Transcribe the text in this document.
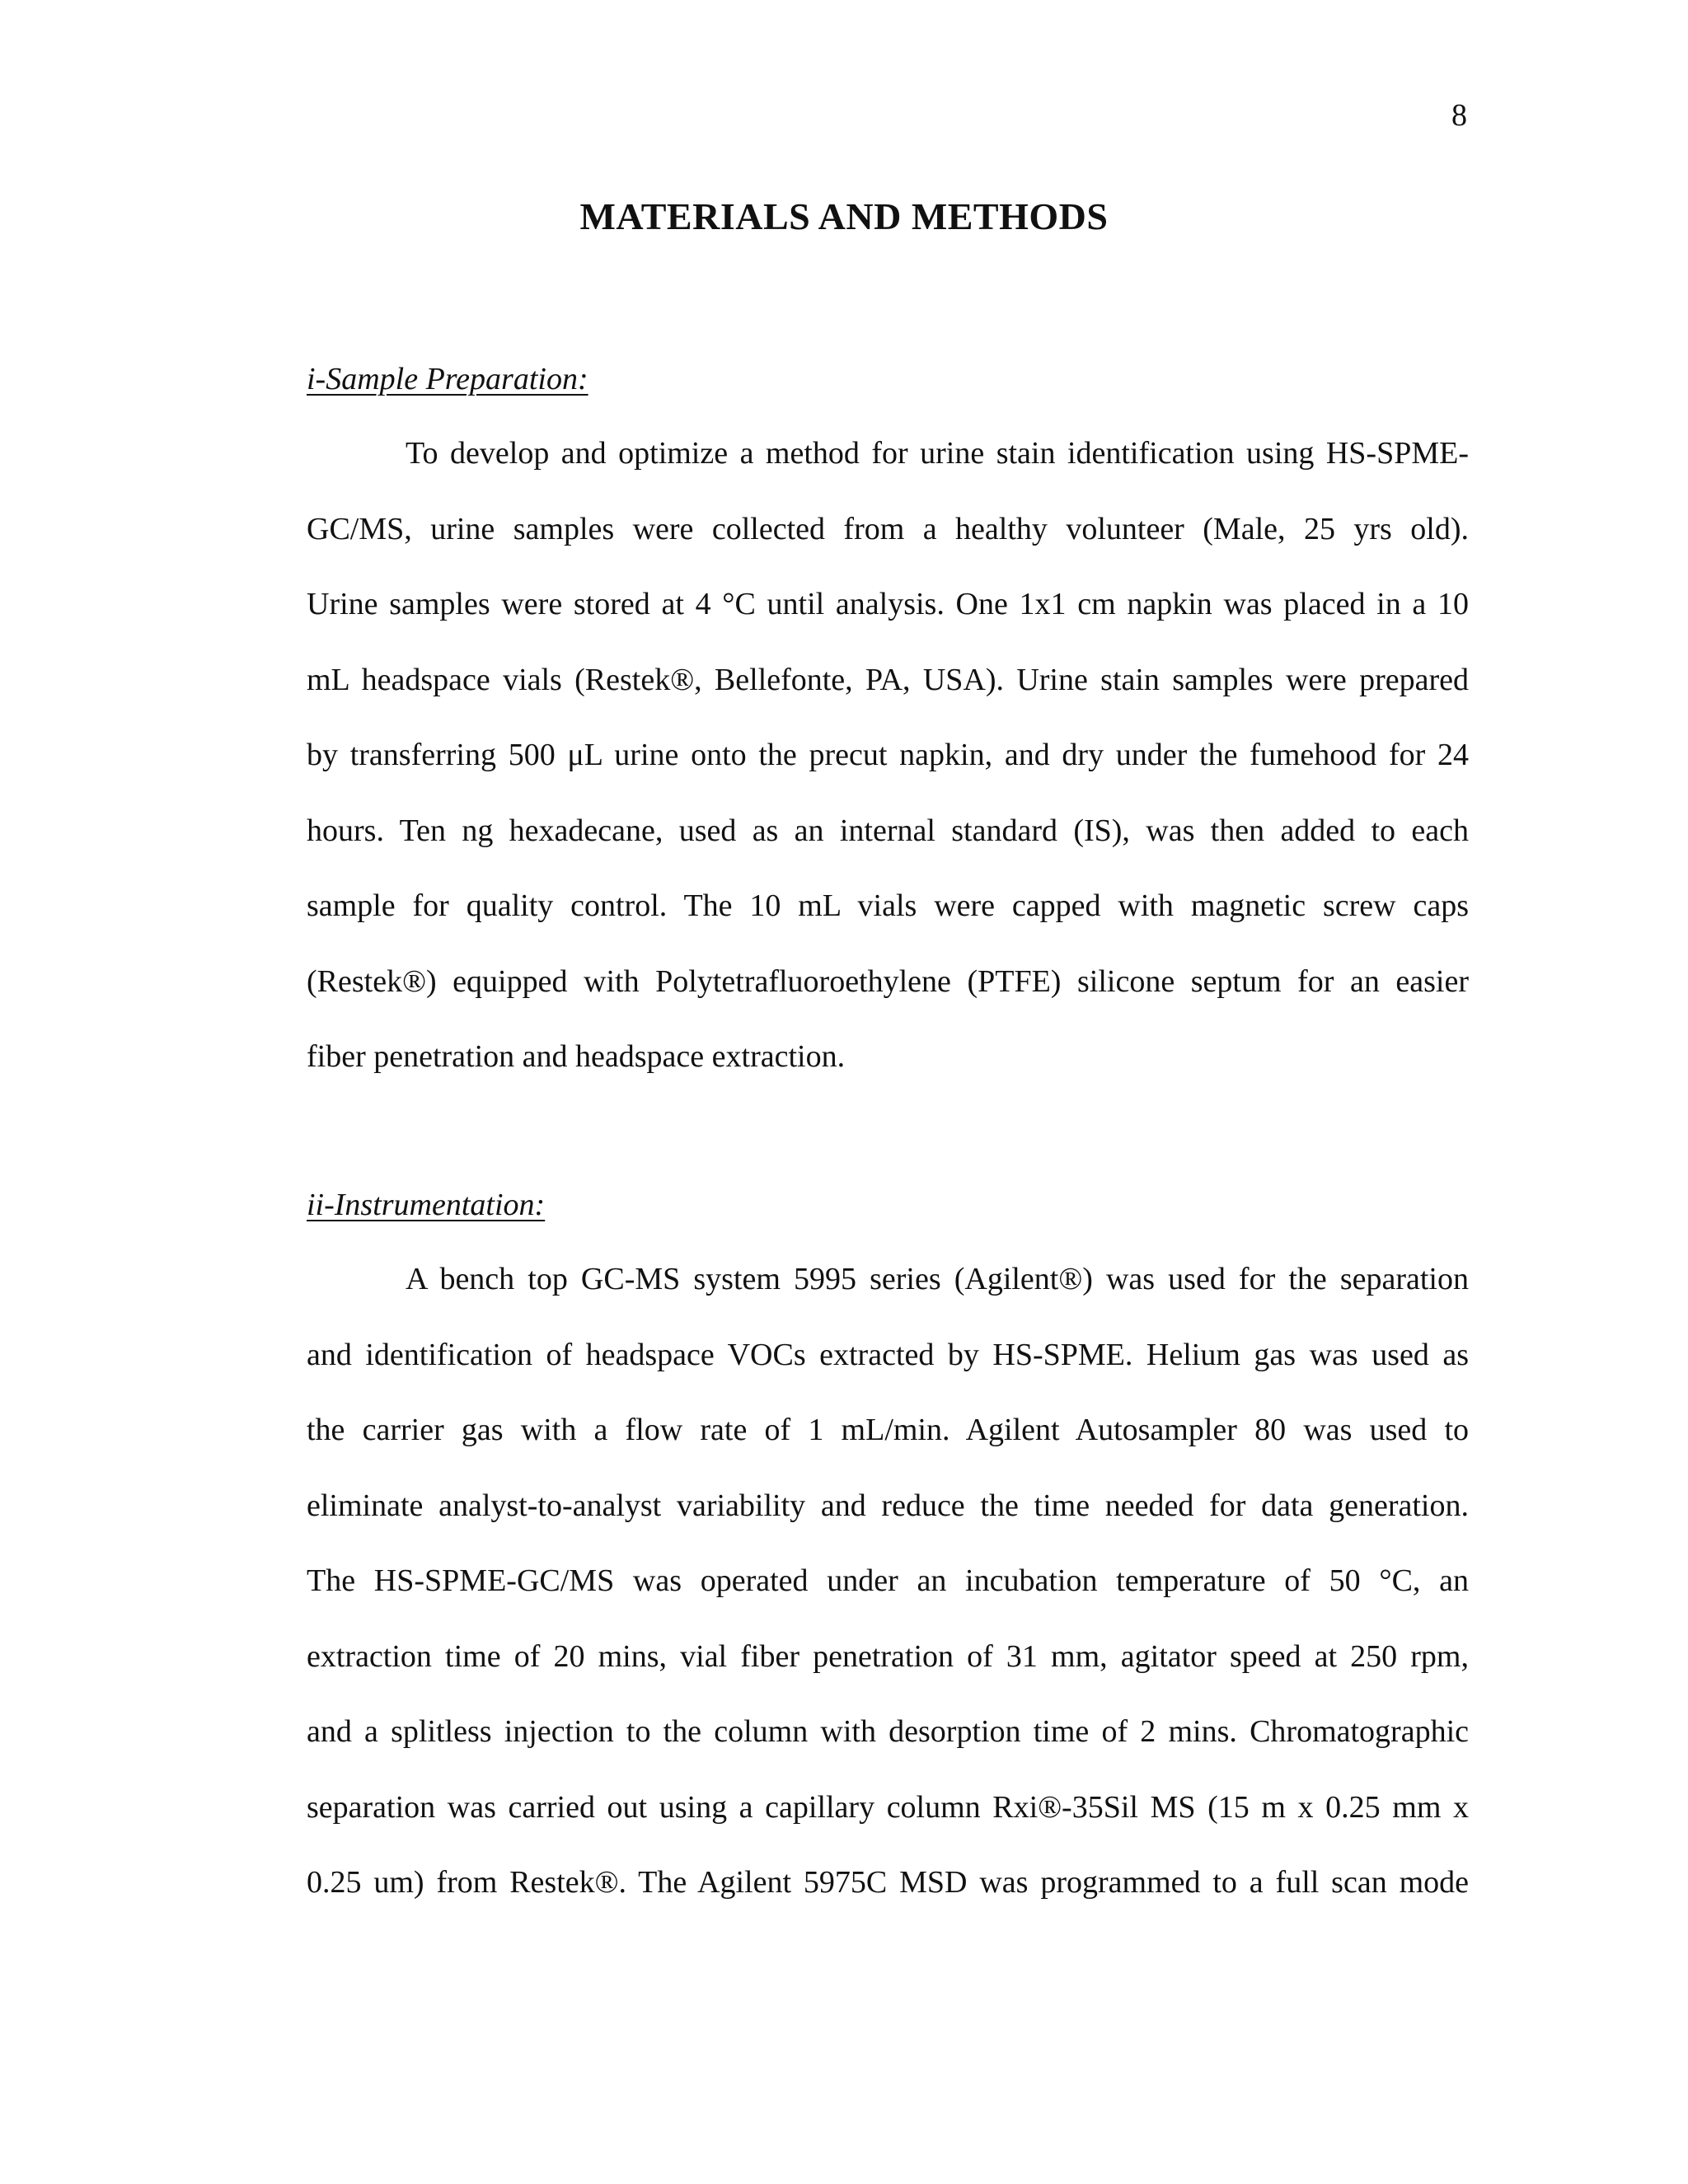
8
MATERIALS AND METHODS
i-Sample Preparation:
To develop and optimize a method for urine stain identification using HS-SPME-
GC/MS, urine samples were collected from a healthy volunteer (Male, 25 yrs old).
Urine samples were stored at 4 °C until analysis. One 1x1 cm napkin was placed in a 10
mL headspace vials (Restek®, Bellefonte, PA, USA). Urine stain samples were prepared
by transferring 500 μL urine onto the precut napkin, and dry under the fumehood for 24
hours. Ten ng hexadecane, used as an internal standard (IS), was then added to each
sample for quality control. The 10 mL vials were capped with magnetic screw caps
(Restek®) equipped with Polytetrafluoroethylene (PTFE) silicone septum for an easier
fiber penetration and headspace extraction.
ii-Instrumentation:
A bench top GC-MS system 5995 series (Agilent®) was used for the separation
and identification of headspace VOCs extracted by HS-SPME. Helium gas was used as
the carrier gas with a flow rate of 1 mL/min. Agilent Autosampler 80 was used to
eliminate analyst-to-analyst variability and reduce the time needed for data generation.
The HS-SPME-GC/MS was operated under an incubation temperature of 50 °C, an
extraction time of 20 mins, vial fiber penetration of 31 mm, agitator speed at 250 rpm,
and a splitless injection to the column with desorption time of 2 mins. Chromatographic
separation was carried out using a capillary column Rxi®-35Sil MS (15 m x 0.25 mm x
0.25 um) from Restek®. The Agilent 5975C MSD was programmed to a full scan mode
